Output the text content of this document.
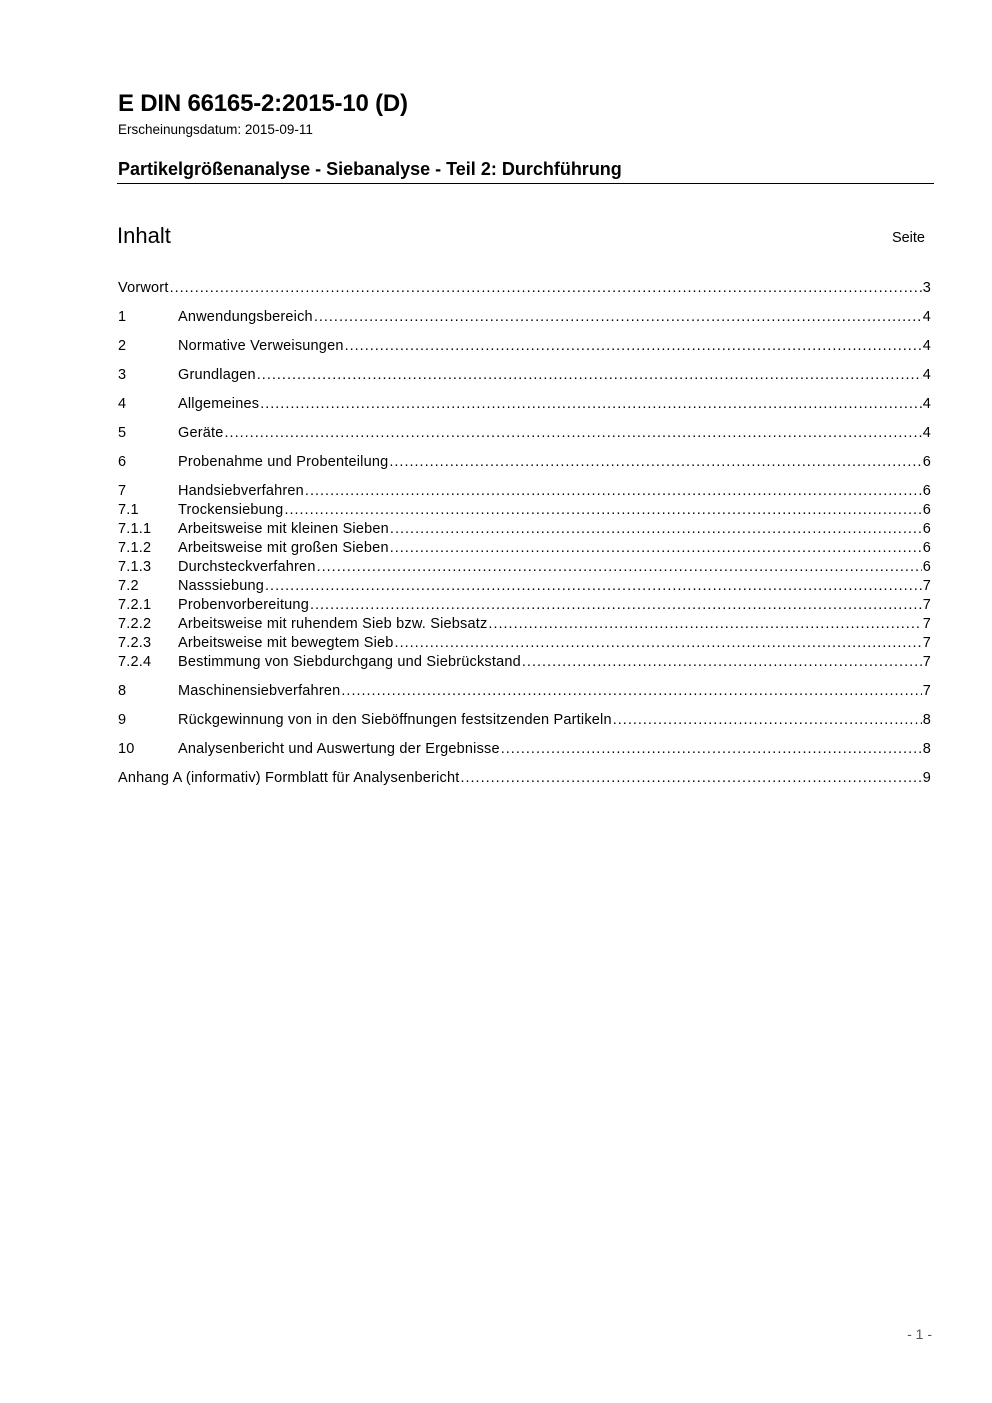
E DIN 66165-2:2015-10 (D)
Erscheinungsdatum: 2015-09-11
Partikelgrößenanalyse - Siebanalyse - Teil 2: Durchführung
Inhalt	Seite
Vorwort .....	3
1	Anwendungsbereich .....	4
2	Normative Verweisungen .....	4
3	Grundlagen .....	4
4	Allgemeines .....	4
5	Geräte .....	4
6	Probenahme und Probenteilung .....	6
7	Handsiebverfahren .....	6
7.1	Trockensiebung .....	6
7.1.1	Arbeitsweise mit kleinen Sieben .....	6
7.1.2	Arbeitsweise mit großen Sieben .....	6
7.1.3	Durchsteckverfahren .....	6
7.2	Nasssiebung .....	7
7.2.1	Probenvorbereitung .....	7
7.2.2	Arbeitsweise mit ruhendem Sieb bzw. Siebsatz .....	7
7.2.3	Arbeitsweise mit bewegtem Sieb .....	7
7.2.4	Bestimmung von Siebdurchgang und Siebrückstand .....	7
8	Maschinensiebverfahren .....	7
9	Rückgewinnung von in den Sieböffnungen festsitzenden Partikeln .....	8
10	Analysenbericht und Auswertung der Ergebnisse .....	8
Anhang A (informativ) Formblatt für Analysenbericht .....	9
- 1 -
